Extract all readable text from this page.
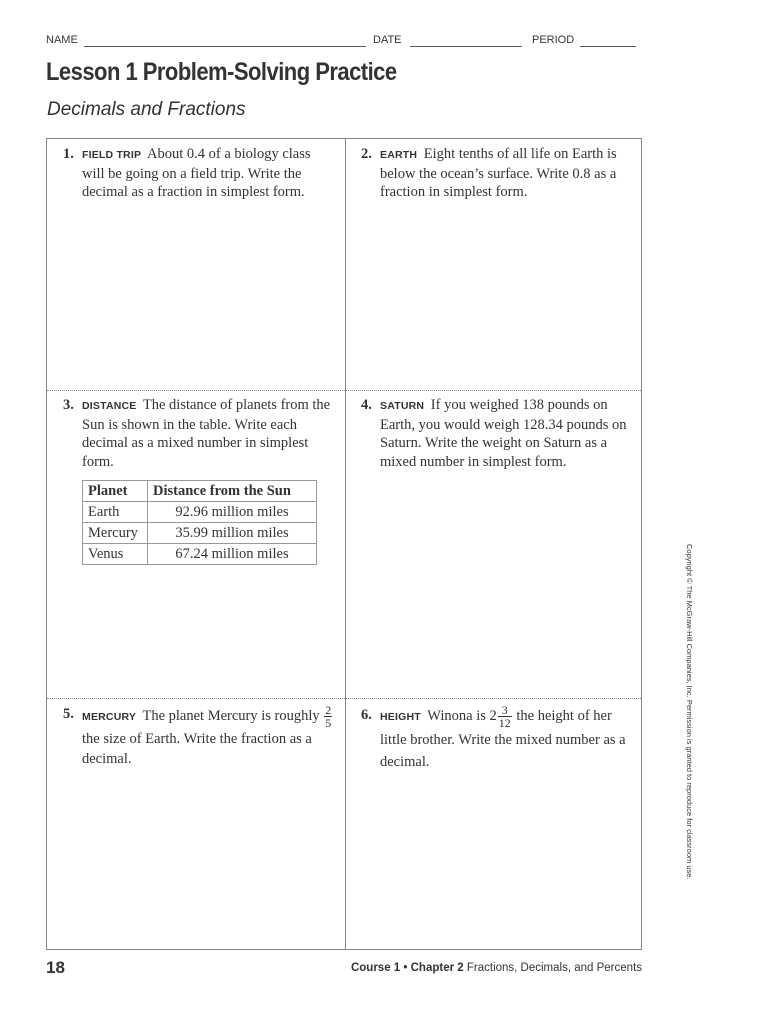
NAME	DATE	PERIOD
Lesson 1 Problem-Solving Practice
Decimals and Fractions
1. FIELD TRIP About 0.4 of a biology class will be going on a field trip. Write the decimal as a fraction in simplest form.
2. EARTH Eight tenths of all life on Earth is below the ocean’s surface. Write 0.8 as a fraction in simplest form.
3. DISTANCE The distance of planets from the Sun is shown in the table. Write each decimal as a mixed number in simplest form.
Planet	Distance from the Sun
Earth	92.96 million miles
Mercury	35.99 million miles
Venus	67.24 million miles
4. SATURN If you weighed 138 pounds on Earth, you would weigh 128.34 pounds on Saturn. Write the weight on Saturn as a mixed number in simplest form.
5. MERCURY The planet Mercury is roughly $\frac{2}{5}$
the size of Earth. Write the fraction as a decimal.
6. HEIGHT Winona is $2 \frac{3}{12}$ the height of her little brother. Write the mixed number as a decimal.	Copyright © The McGraw-Hill Companies, Inc. Permission is granted to reproduce for classroom use.
18	Course 1 • Chapter 2 Fractions, Decimals, and Percents
